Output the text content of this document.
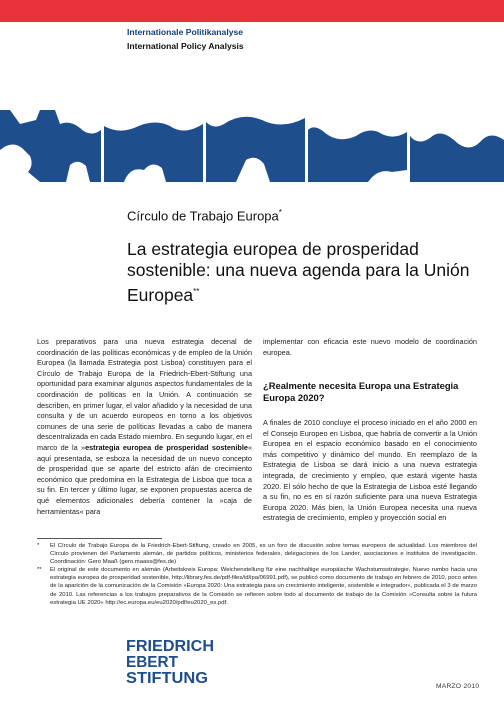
Internationale Politikanalyse
International Policy Analysis
Círculo de Trabajo Europa*
La estrategia europea de prosperidad sostenible: una nueva agenda para la Unión Europea**
Los preparativos para una nueva estrategia decenal de coordinación de las políticas económicas y de empleo de la Unión Europea (la llamada Estrategia post Lisboa) constituyen para el Círculo de Trabajo Europa de la Friedrich-Ebert-Stiftung una oportunidad para examinar algunos aspectos fundamentales de la coordinación de políticas en la Unión. A continuación se describen, en primer lugar, el valor añadido y la necesidad de una consulta y de un acuerdo europeos en torno a los objetivos comunes de una serie de políticas llevadas a cabo de manera descentralizada en cada Estado miembro. En segundo lugar, en el marco de la »estrategia europea de prosperidad sostenible« aquí presentada, se esboza la necesidad de un nuevo concepto de prosperidad que se aparte del estricto afán de crecimiento económico que predomina en la Estrategia de Lisboa que toca a su fin. En tercer y último lugar, se exponen propuestas acerca de qué elementos adicionales debería contener la »caja de herramientas« para
implementar con eficacia este nuevo modelo de coordinación europea.
¿Realmente necesita Europa una Estrategia Europa 2020?
A finales de 2010 concluye el proceso iniciado en el año 2000 en el Consejo Europeo en Lisboa, que habría de convertir a la Unión Europea en el espacio económico basado en el conocimiento más competitivo y dinámico del mundo. En reemplazo de la Estrategia de Lisboa se dará inicio a una nueva estrategia integrada, de crecimiento y empleo, que estará vigente hasta 2020. El sólo hecho de que la Estrategia de Lisboa esté llegando a su fin, no es en sí razón suficiente para una nueva Estrategia Europa 2020. Más bien, la Unión Europea necesita una nueva estrategia de crecimiento, empleo y proyección social en
*	El Círculo de Trabajo Europa de la Friedrich-Ebert-Stiftung, creado en 2005, es un foro de discusión sobre temas europeos de actualidad. Los miembros del Círculo provienen del Parlamento alemán, de partidos políticos, ministerios federales, delegaciones de los Lander, asociaciones e institutos de investigación. Coordinación: Gero Maaß (gero.maass@fes.de)
**	El original de este documento en alemán (Arbeitskreis Europa: Weichenstellung für eine nachhaltige europäische Wachstumsstrategie, Nuevo rumbo hacia una estrategia europea de prosperidad sostenible, http://library.fes.de/pdf-files/id/ipa/06991.pdf), se publicó como documento de trabajo en febrero de 2010, poco antes de la aparición de la comunicación de la Comisión »Europa 2020: Una estrategia para un crecimiento inteligente, sostenible e integrador«, publicada el 3 de marzo de 2010. Las referencias a los trabajos preparativos de la Comisión se refieren sobre todo al documento de trabajo de la Comisión »Consulta sobre la futura estrategia UE 2020« http://ec.europa.eu/eu2020/pdf/eu2020_es.pdf.
FRIEDRICH
EBERT
STIFTUNG	MARZO 2010
